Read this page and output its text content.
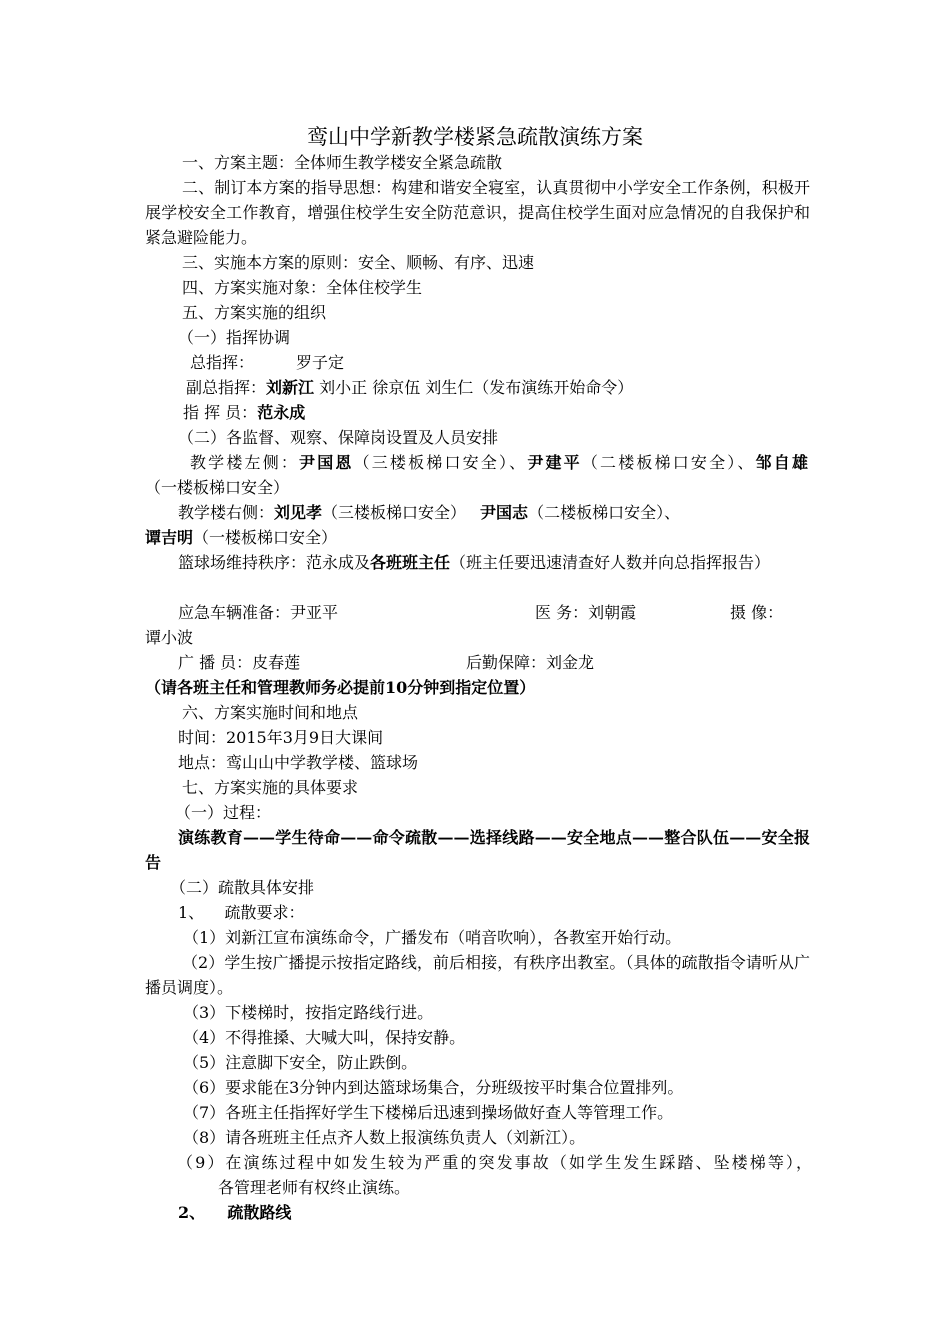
鸾山中学新教学楼紧急疏散演练方案
一、方案主题：全体师生教学楼安全紧急疏散
二、制订本方案的指导思想：构建和谐安全寝室，认真贯彻中小学安全工作条例，积极开展学校安全工作教育，增强住校学生安全防范意识，提高住校学生面对应急情况的自我保护和紧急避险能力。
三、实施本方案的原则：安全、顺畅、有序、迅速
四、方案实施对象：全体住校学生
五、方案实施的组织
（一）指挥协调
总指挥：	罗子定
副总指挥：刘新江 刘小正 徐京伍 刘生仁（发布演练开始命令）
指 挥 员：范永成
（二）各监督、观察、保障岗设置及人员安排
教学楼左侧：尹国恩（三楼板梯口安全）、尹建平（二楼板梯口安全）、邹自雄
（一楼板梯口安全）
教学楼右侧：刘见孝（三楼板梯口安全） 尹国志（二楼板梯口安全）、
谭吉明（一楼板梯口安全）
篮球场维持秩序：范永成及各班班主任（班主任要迅速清查好人数并向总指挥报告）
应急车辆准备：尹亚平	医 务：刘朝霞	摄 像：
谭小波
广 播 员：皮春莲	后勤保障：刘金龙
（请各班主任和管理教师务必提前10分钟到指定位置）
六、方案实施时间和地点
时间：2015年3月9日大课间
地点：鸾山山中学教学楼、篮球场
七、方案实施的具体要求
（一）过程：
演练教育——学生待命——命令疏散——选择线路——安全地点——整合队伍——安全报告
（二）疏散具体安排
1、    疏散要求：
（1）刘新江宣布演练命令，广播发布（哨音吹响），各教室开始行动。
（2）学生按广播提示按指定路线，前后相接，有秩序出教室。（具体的疏散指令请听从广播员调度）。
（3）下楼梯时，按指定路线行进。
（4）不得推搡、大喊大叫，保持安静。
（5）注意脚下安全，防止跌倒。
（6）要求能在3分钟内到达篮球场集合，分班级按平时集合位置排列。
（7）各班主任指挥好学生下楼梯后迅速到操场做好查人等管理工作。
（8）请各班班主任点齐人数上报演练负责人（刘新江）。
（9）在演练过程中如发生较为严重的突发事故（如学生发生踩踏、坠楼梯等），
各管理老师有权终止演练。
2、    疏散路线
